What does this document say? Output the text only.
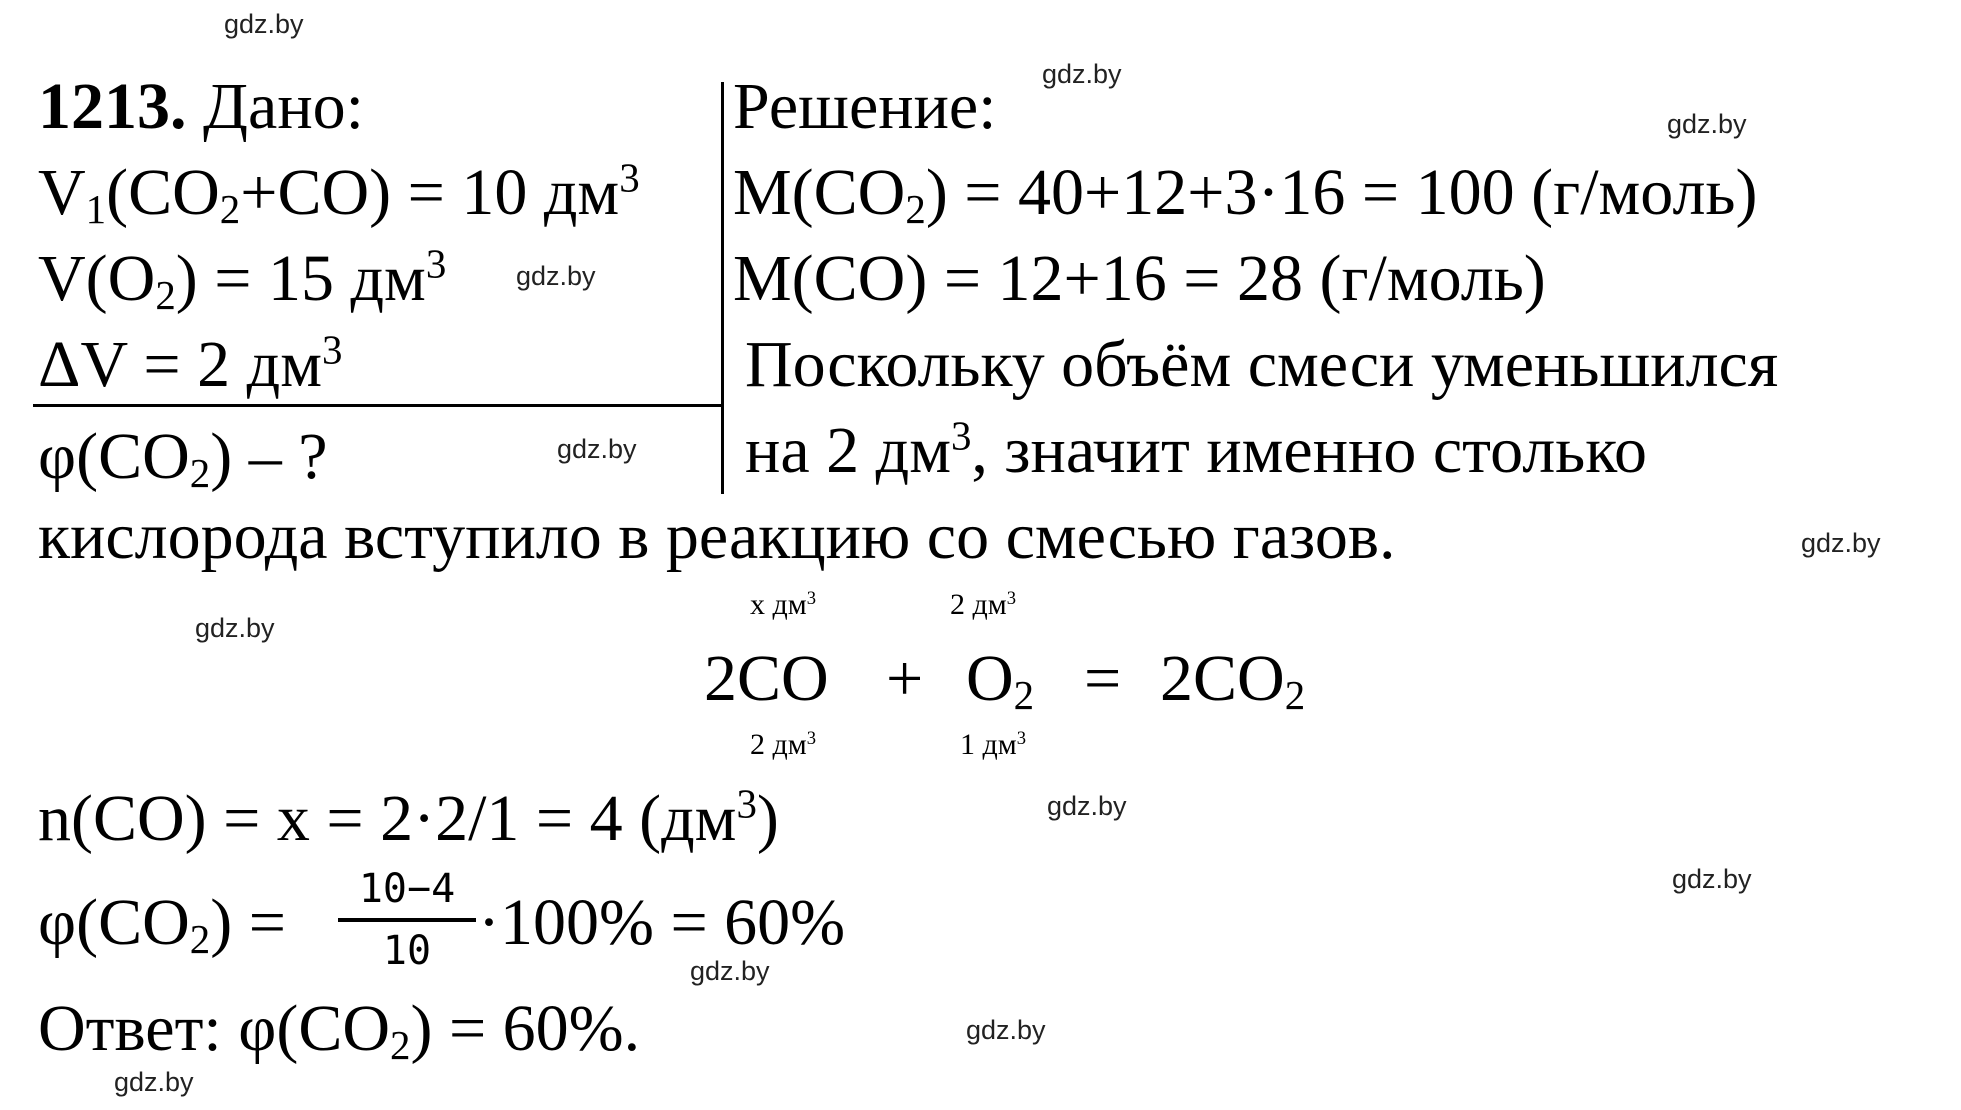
gdz.by
gdz.by
gdz.by
gdz.by
gdz.by
gdz.by
gdz.by
gdz.by
gdz.by
gdz.by
gdz.by
gdz.by
1213. Дано:
$V_1(CO_2+CO) = 10$ $дм^3$
$V(O_2) = 15$ $дм^3$
ΔV = 2 $дм^3$
$\varphi(CO_2)$ – ?
Решение:
$M(CO_2) = 40+12+3\cdot 16 = 100$ (г/моль)
M(CO) = 12+16 = 28 (г/моль)
Поскольку объём смеси уменьшился
на 2 $дм^3$, значит именно столько
кислорода вступило в реакцию со смесью газов.
x $дм^3$	2 $дм^3$
$2CO + O_2 = 2CO_2$
2 $дм^3$	1 $дм^3$
n(CO) = x = 2·2/1 = 4 $(дм^3)$
$\varphi(CO_2)$ =	10−4
10 ·100% = 60%
Ответ: $\varphi(CO_2) = 60\%$.
